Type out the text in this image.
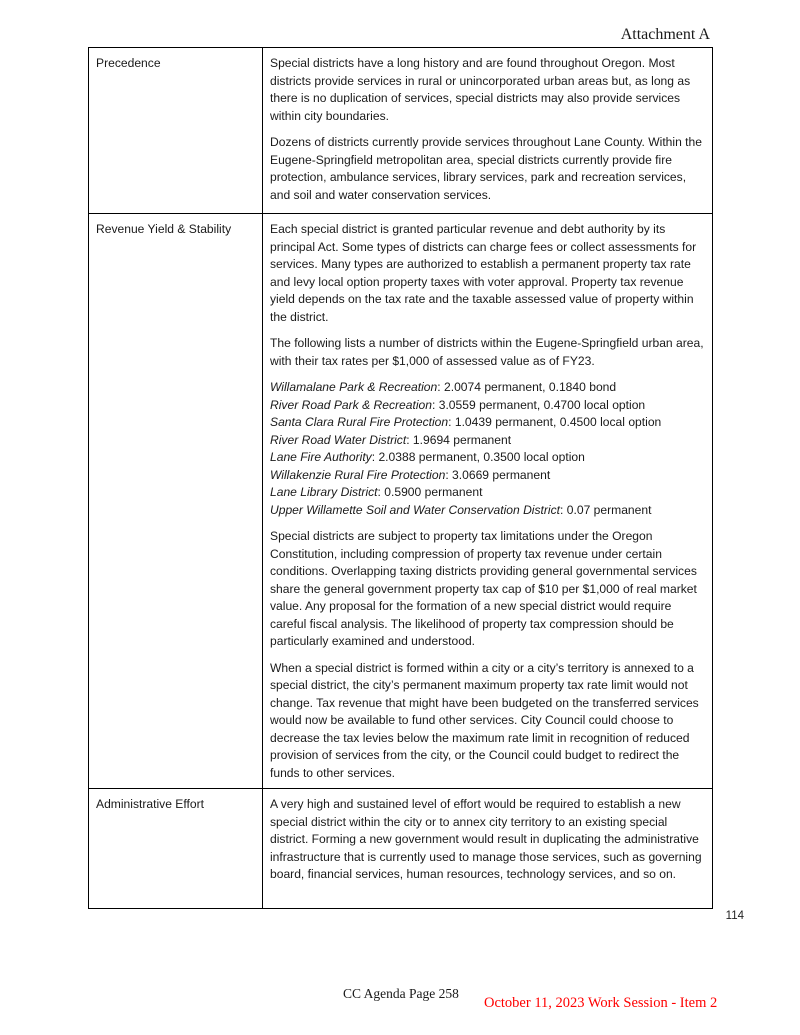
Attachment A
Precedence	Special districts have a long history and are found throughout Oregon. Most districts provide services in rural or unincorporated urban areas but, as long as there is no duplication of services, special districts may also provide services within city boundaries.

Dozens of districts currently provide services throughout Lane County. Within the Eugene-Springfield metropolitan area, special districts currently provide fire protection, ambulance services, library services, park and recreation services, and soil and water conservation services.

Revenue Yield & Stability	Each special district is granted particular revenue and debt authority by its principal Act. Some types of districts can charge fees or collect assessments for services. Many types are authorized to establish a permanent property tax rate and levy local option property taxes with voter approval. Property tax revenue yield depends on the tax rate and the taxable assessed value of property within the district.

The following lists a number of districts within the Eugene-Springfield urban area, with their tax rates per $1,000 of assessed value as of FY23.

Willamalane Park & Recreation: 2.0074 permanent, 0.1840 bond
River Road Park & Recreation: 3.0559 permanent, 0.4700 local option
Santa Clara Rural Fire Protection: 1.0439 permanent, 0.4500 local option
River Road Water District: 1.9694 permanent
Lane Fire Authority: 2.0388 permanent, 0.3500 local option
Willakenzie Rural Fire Protection: 3.0669 permanent
Lane Library District: 0.5900 permanent
Upper Willamette Soil and Water Conservation District: 0.07 permanent

Special districts are subject to property tax limitations under the Oregon Constitution, including compression of property tax revenue under certain conditions. Overlapping taxing districts providing general governmental services share the general government property tax cap of $10 per $1,000 of real market value. Any proposal for the formation of a new special district would require careful fiscal analysis. The likelihood of property tax compression should be particularly examined and understood.

When a special district is formed within a city or a city’s territory is annexed to a special district, the city’s permanent maximum property tax rate limit would not change. Tax revenue that might have been budgeted on the transferred services would now be available to fund other services. City Council could choose to decrease the tax levies below the maximum rate limit in recognition of reduced provision of services from the city, or the Council could budget to redirect the funds to other services.

Administrative Effort	A very high and sustained level of effort would be required to establish a new special district within the city or to annex city territory to an existing special district. Forming a new government would result in duplicating the administrative infrastructure that is currently used to manage those services, such as governing board, financial services, human resources, technology services, and so on.

114
CC Agenda Page 258
October 11, 2023 Work Session - Item 2
